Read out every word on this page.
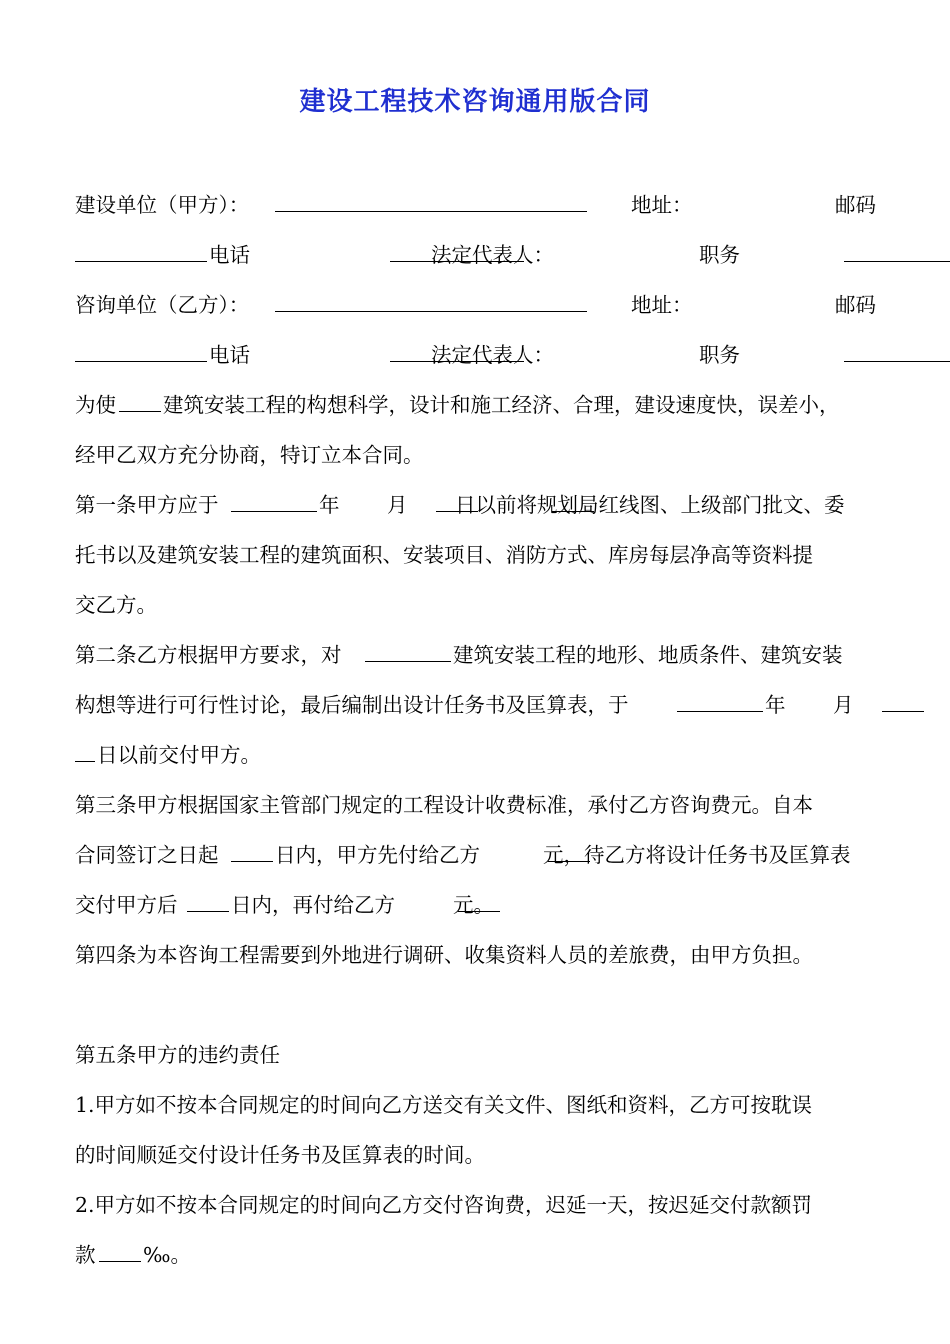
建设工程技术咨询通用版合同
建设单位（甲方）：
	地址：	邮码

电话
	法定代表人：
	职务
咨询单位（乙方）：
	地址：	邮码

电话
	法定代表人：
	职务
为使 建筑安装工程的构想科学，设计和施工经济、合理，建设速度快，误差小，
经甲乙双方充分协商，特订立本合同。
第一条甲方应于
	年
月 日以前将规划局红线图、上级部门批文、委
托书以及建筑安装工程的建筑面积、安装项目、消防方式、库房每层净高等资料提
交乙方。
第二条乙方根据甲方要求，对	建筑安装工程的地形、地质条件、建筑安装
构想等进行可行性讨论，最后编制出设计任务书及匡算表，于
	年
月
日以前交付甲方。
第三条甲方根据国家主管部门规定的工程设计收费标准，承付乙方咨询费元。自本
合同签订之日起
	日内，甲方先付给乙方	元，待乙方将设计任务书及匡算表
交付甲方后
	日内，再付给乙方	元。
第四条为本咨询工程需要到外地进行调研、收集资料人员的差旅费，由甲方负担。
第五条甲方的违约责任
1.甲方如不按本合同规定的时间向乙方送交有关文件、图纸和资料，乙方可按耽误
的时间顺延交付设计任务书及匡算表的时间。
2.甲方如不按本合同规定的时间向乙方交付咨询费，迟延一天，按迟延交付款额罚
款 ‰。
